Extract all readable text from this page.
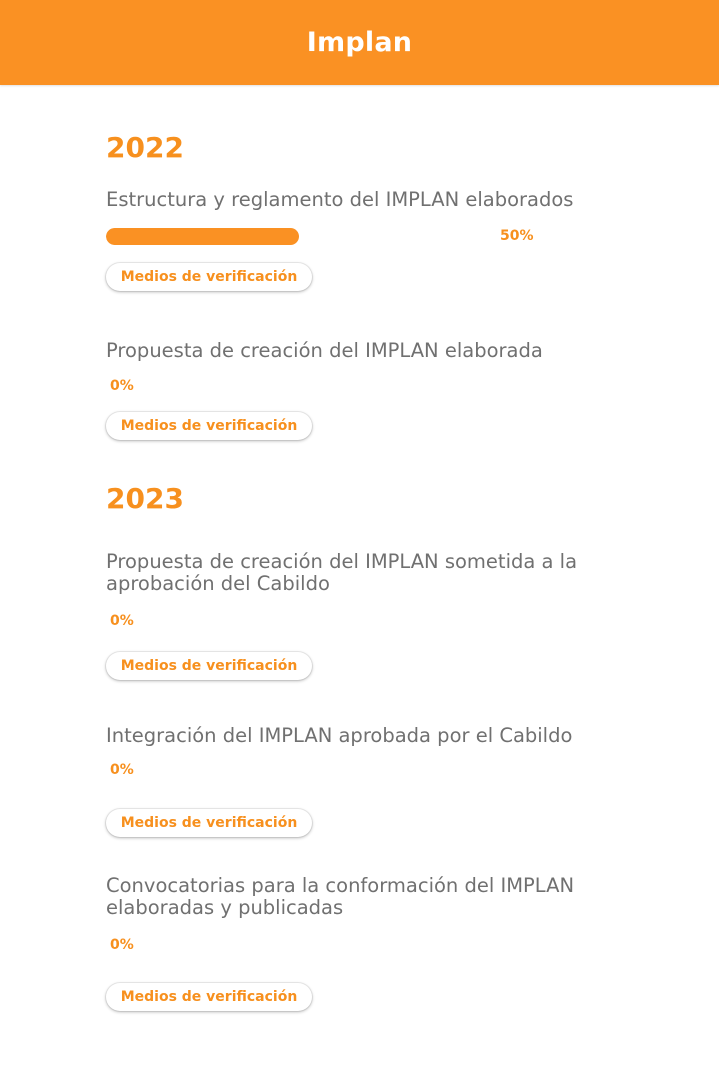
Implan
2022
Estructura y reglamento del IMPLAN elaborados
50%
Medios de verificación
Propuesta de creación del IMPLAN elaborada
0%
Medios de verificación
2023
Propuesta de creación del IMPLAN sometida a la aprobación del Cabildo
0%
Medios de verificación
Integración del IMPLAN aprobada por el Cabildo
0%
Medios de verificación
Convocatorias para la conformación del IMPLAN elaboradas y publicadas
0%
Medios de verificación
